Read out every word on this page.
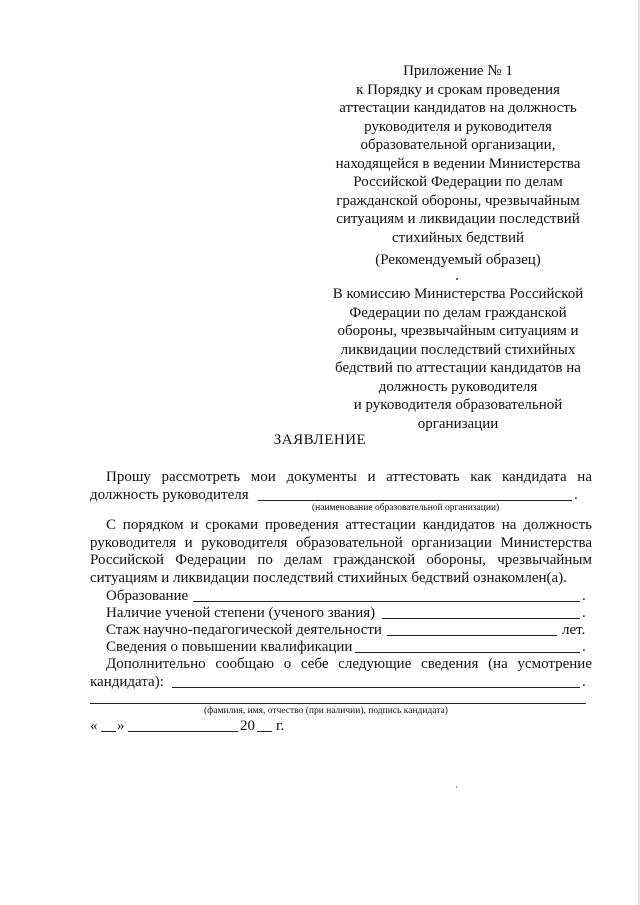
Приложение № 1
к Порядку и срокам проведения
аттестации кандидатов на должность
руководителя и руководителя
образовательной организации,
находящейся в ведении Министерства
Российской Федерации по делам
гражданской обороны, чрезвычайным
ситуациям и ликвидации последствий
стихийных бедствий
(Рекомендуемый образец)
В комиссию Министерства Российской
Федерации по делам гражданской
обороны, чрезвычайным ситуациям и
ликвидации последствий стихийных
бедствий по аттестации кандидатов на
должность руководителя
и руководителя образовательной
организации
ЗАЯВЛЕНИЕ
Прошу рассмотреть мои документы и аттестовать как кандидата на
должность руководителя	.
(наименование образовательной организации)
С порядком и сроками проведения аттестации кандидатов на должность
руководителя и руководителя образовательной организации Министерства
Российской Федерации по делам гражданской обороны, чрезвычайным
ситуациям и ликвидации последствий стихийных бедствий ознакомлен(а).
Образование	.
Наличие ученой степени (ученого звания)	.
Стаж научно-педагогической деятельности	лет.
Сведения о повышении квалификации	.
Дополнительно сообщаю о себе следующие сведения (на усмотрение
кандидата):	.
(фамилия, имя, отчество (при наличии), подпись кандидата)
« »	20 г.
